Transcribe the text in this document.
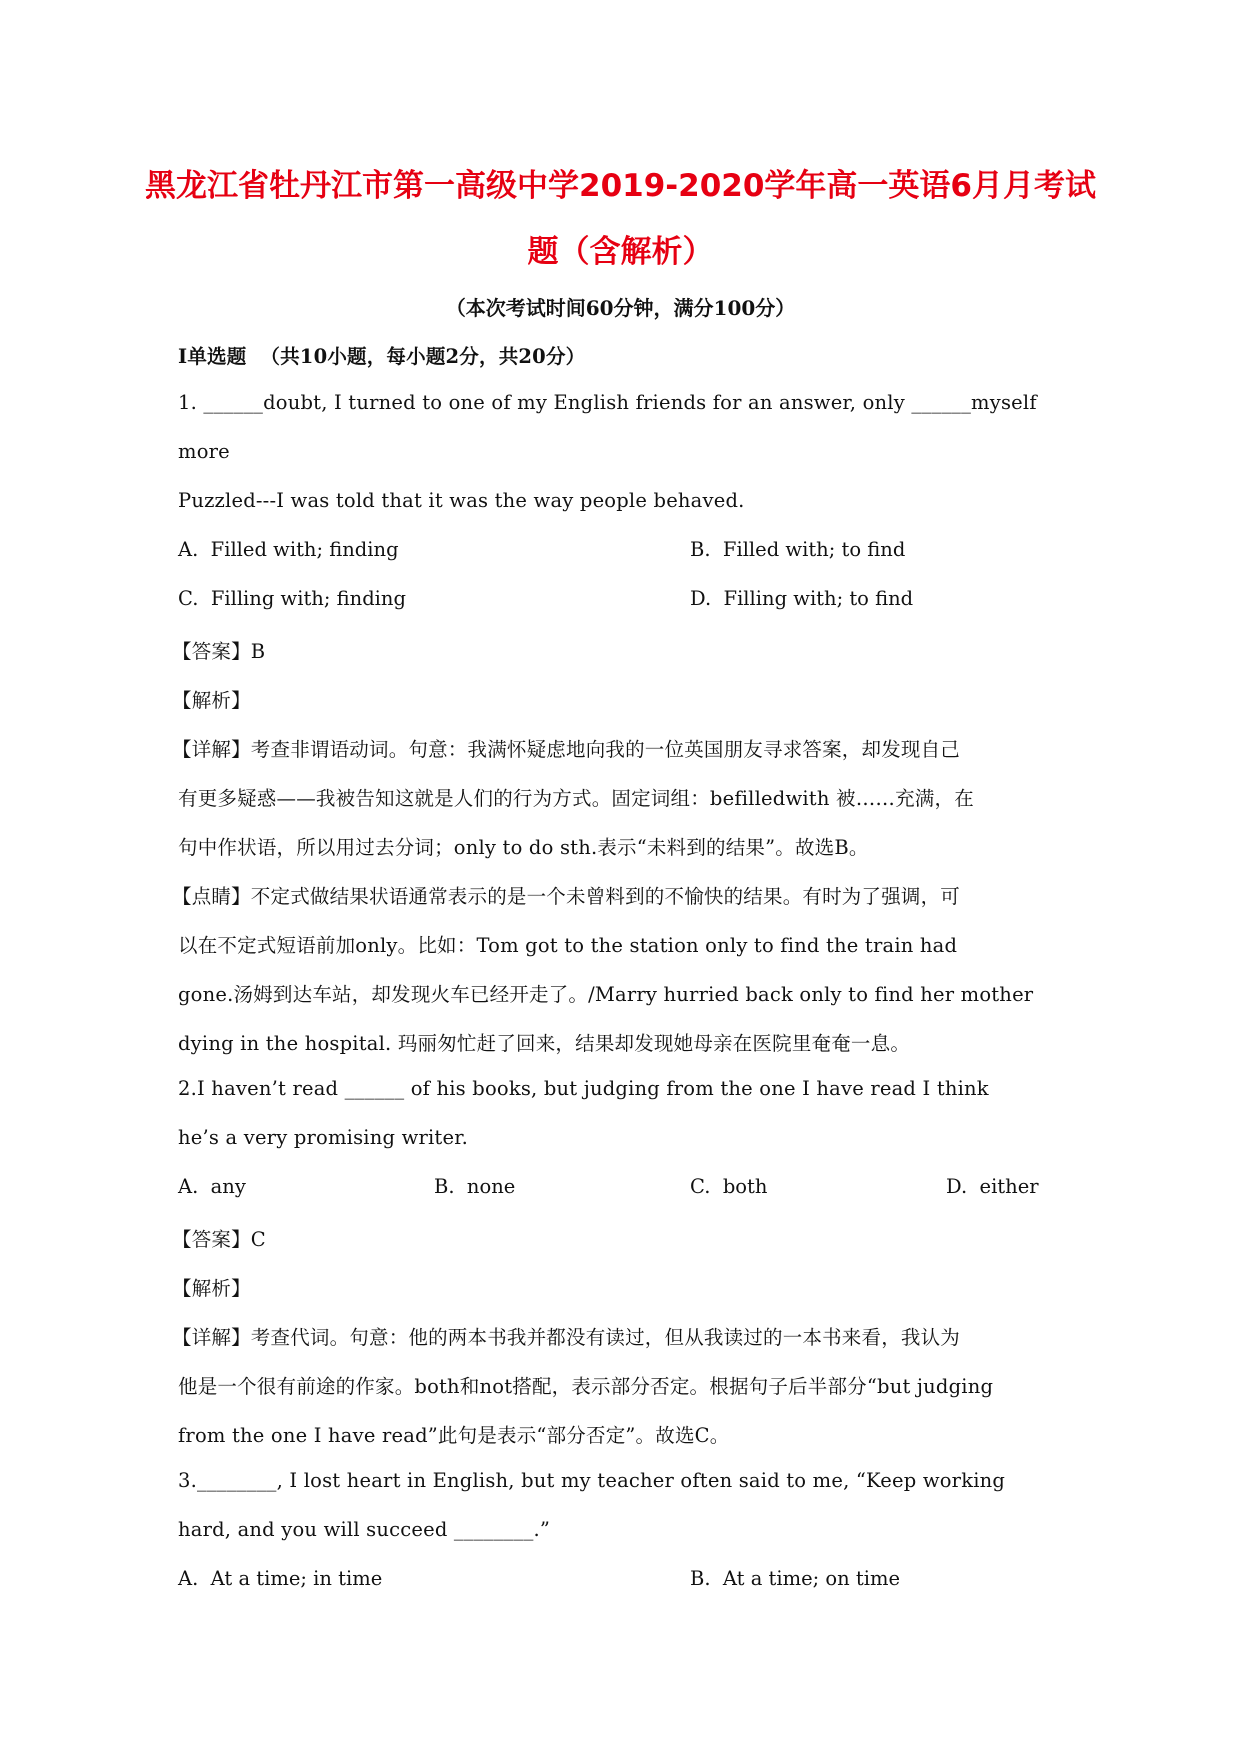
黑龙江省牡丹江市第一高级中学2019-2020学年高一英语6月月考试
题（含解析）
（本次考试时间60分钟，满分100分）
I单选题  （共10小题，每小题2分，共20分）
1. ______doubt, I turned to one of my English friends for an answer, only ______myself
more
Puzzled---I was told that it was the way people behaved.
A.  Filled with; finding	B.  Filled with; to find
C.  Filling with; finding	D.  Filling with; to find
【答案】B
【解析】
【详解】考查非谓语动词。句意：我满怀疑虑地向我的一位英国朋友寻求答案，却发现自己
有更多疑惑——我被告知这就是人们的行为方式。固定词组：befilledwith 被……充满，在
句中作状语，所以用过去分词；only to do sth.表示“未料到的结果”。故选B。
【点睛】不定式做结果状语通常表示的是一个未曾料到的不愉快的结果。有时为了强调，可
以在不定式短语前加only。比如：Tom got to the station only to find the train had
gone.汤姆到达车站，却发现火车已经开走了。/Marry hurried back only to find her mother
dying in the hospital. 玛丽匆忙赶了回来，结果却发现她母亲在医院里奄奄一息。
2.I haven’t read ______ of his books, but judging from the one I have read I think
he’s a very promising writer.
A.  any	B.  none	C.  both	D.  either
【答案】C
【解析】
【详解】考查代词。句意：他的两本书我并都没有读过，但从我读过的一本书来看，我认为
他是一个很有前途的作家。both和not搭配，表示部分否定。根据句子后半部分“but judging
from the one I have read”此句是表示“部分否定”。故选C。
3.________, I lost heart in English, but my teacher often said to me, “Keep working
hard, and you will succeed ________.”
A.  At a time; in time	B.  At a time; on time
